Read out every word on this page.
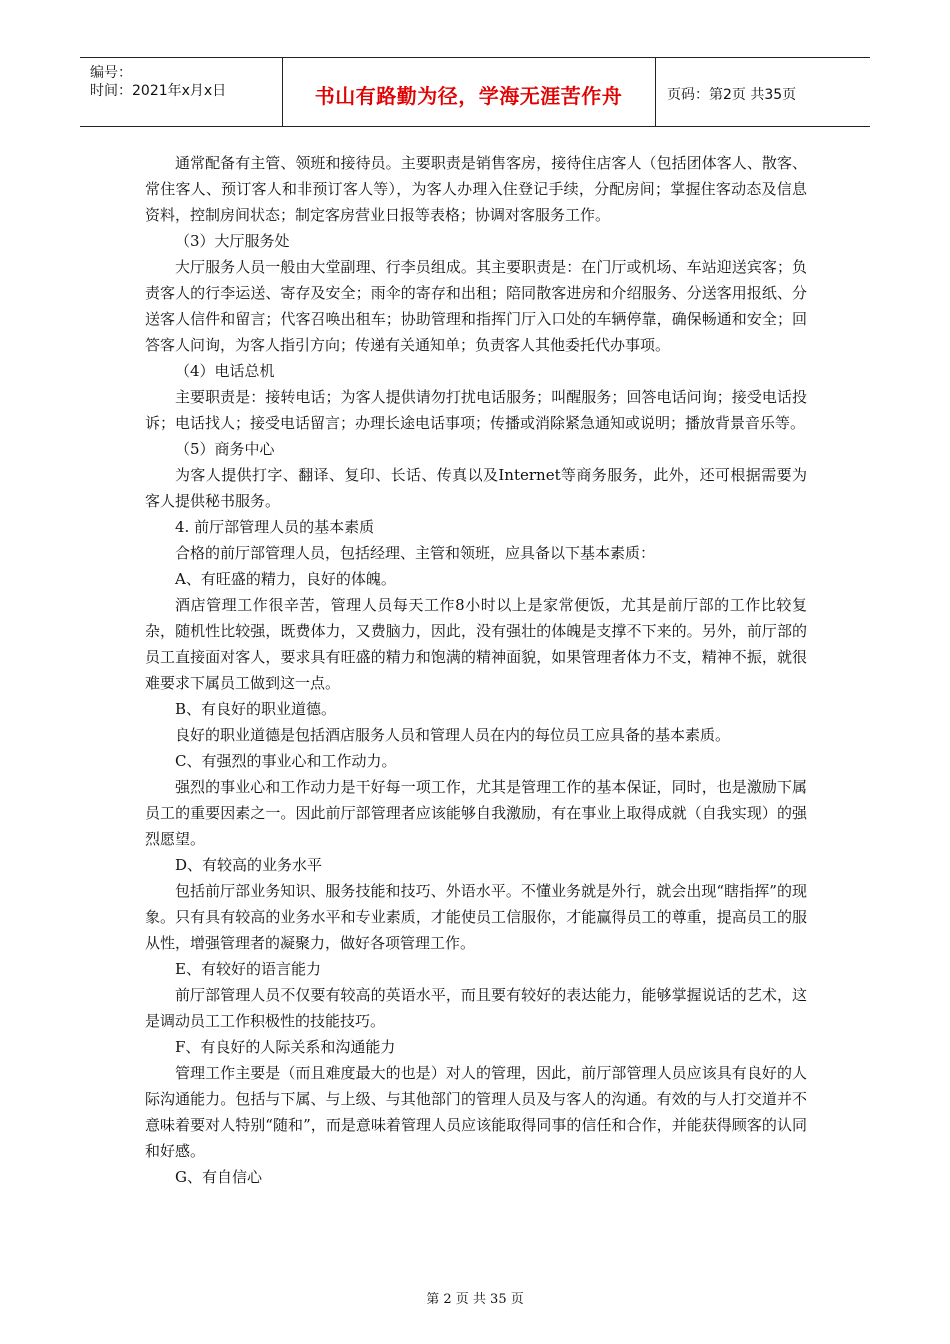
编号：
时间：2021年x月x日	书山有路勤为径，学海无涯苦作舟	页码：第2页 共35页

通常配备有主管、领班和接待员。主要职责是销售客房，接待住店客人（包括团体客人、散客、常住客人、预订客人和非预订客人等），为客人办理入住登记手续，分配房间；掌握住客动态及信息资料，控制房间状态；制定客房营业日报等表格；协调对客服务工作。

（3）大厅服务处

大厅服务人员一般由大堂副理、行李员组成。其主要职责是：在门厅或机场、车站迎送宾客；负责客人的行李运送、寄存及安全；雨伞的寄存和出租；陪同散客进房和介绍服务、分送客用报纸、分送客人信件和留言；代客召唤出租车；协助管理和指挥门厅入口处的车辆停靠，确保畅通和安全；回答客人问询，为客人指引方向；传递有关通知单；负责客人其他委托代办事项。

（4）电话总机

主要职责是：接转电话；为客人提供请勿打扰电话服务；叫醒服务；回答电话问询；接受电话投诉；电话找人；接受电话留言；办理长途电话事项；传播或消除紧急通知或说明；播放背景音乐等。

（5）商务中心

为客人提供打字、翻译、复印、长话、传真以及Internet等商务服务，此外，还可根据需要为客人提供秘书服务。

4. 前厅部管理人员的基本素质

合格的前厅部管理人员，包括经理、主管和领班，应具备以下基本素质：

A、有旺盛的精力，良好的体魄。

酒店管理工作很辛苦，管理人员每天工作8小时以上是家常便饭，尤其是前厅部的工作比较复杂，随机性比较强，既费体力，又费脑力，因此，没有强壮的体魄是支撑不下来的。另外，前厅部的员工直接面对客人，要求具有旺盛的精力和饱满的精神面貌，如果管理者体力不支，精神不振，就很难要求下属员工做到这一点。

B、有良好的职业道德。

良好的职业道德是包括酒店服务人员和管理人员在内的每位员工应具备的基本素质。

C、有强烈的事业心和工作动力。

强烈的事业心和工作动力是干好每一项工作，尤其是管理工作的基本保证，同时，也是激励下属员工的重要因素之一。因此前厅部管理者应该能够自我激励，有在事业上取得成就（自我实现）的强烈愿望。

D、有较高的业务水平

包括前厅部业务知识、服务技能和技巧、外语水平。不懂业务就是外行，就会出现“瞎指挥”的现象。只有具有较高的业务水平和专业素质，才能使员工信服你，才能赢得员工的尊重，提高员工的服从性，增强管理者的凝聚力，做好各项管理工作。

E、有较好的语言能力

前厅部管理人员不仅要有较高的英语水平，而且要有较好的表达能力，能够掌握说话的艺术，这是调动员工工作积极性的技能技巧。

F、有良好的人际关系和沟通能力

管理工作主要是（而且难度最大的也是）对人的管理，因此，前厅部管理人员应该具有良好的人际沟通能力。包括与下属、与上级、与其他部门的管理人员及与客人的沟通。有效的与人打交道并不意味着要对人特别“随和”，而是意味着管理人员应该能取得同事的信任和合作，并能获得顾客的认同和好感。

G、有自信心

第 2 页 共 35 页
